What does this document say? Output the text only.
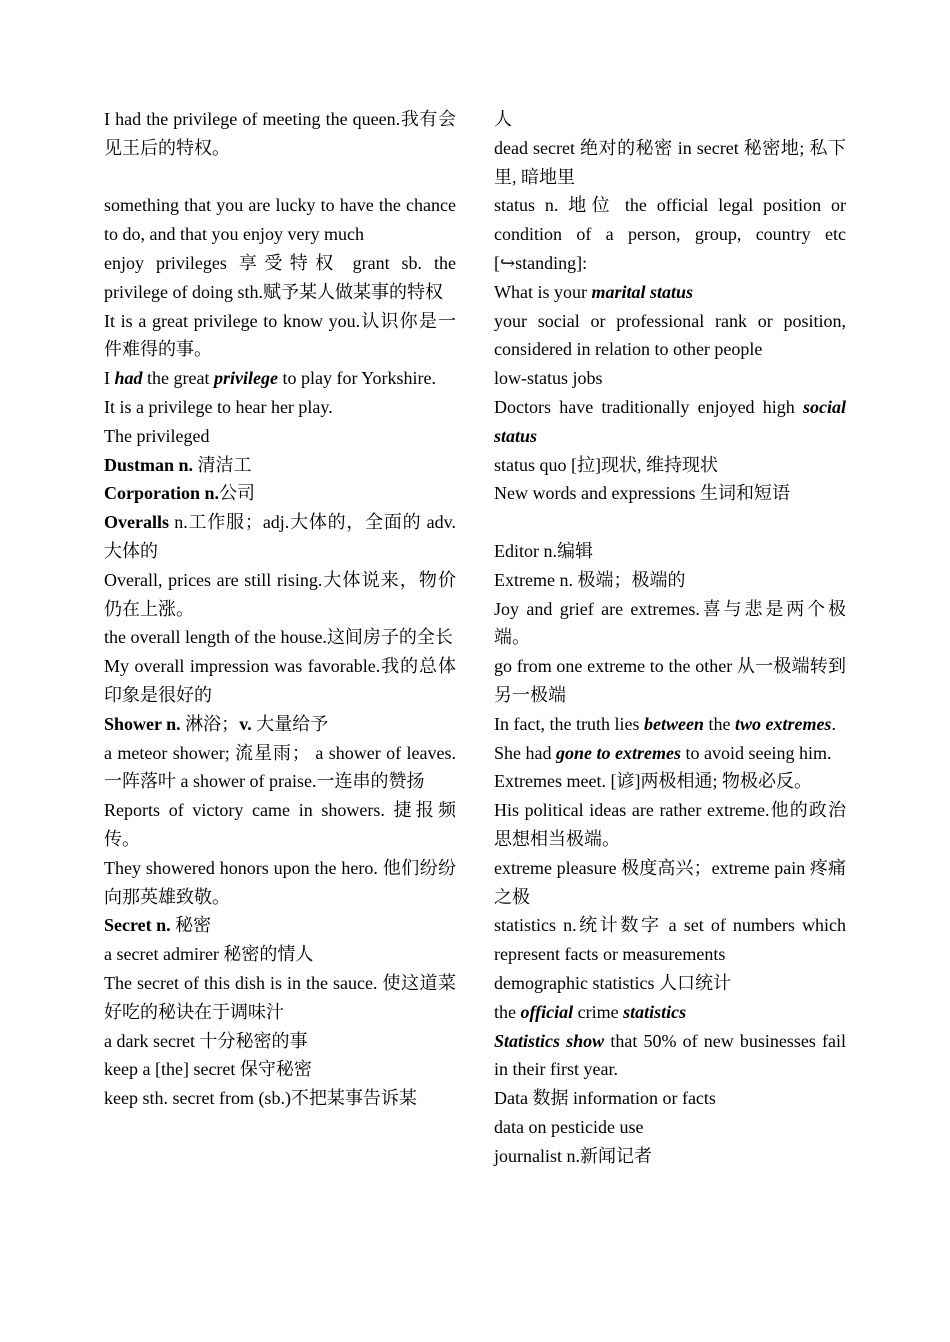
I had the privilege of meeting the queen.我有会见王后的特权。
something that you are lucky to have the chance to do, and that you enjoy very much
enjoy privileges 享受特权 grant sb. the privilege of doing sth.赋予某人做某事的特权
It is a great privilege to know you.认识你是一件难得的事。
I had the great privilege to play for Yorkshire.
It is a privilege to hear her play.
The privileged
Dustman n. 清洁工
Corporation n.公司
Overalls n.工作服；adj.大体的，全面的 adv.大体的
Overall, prices are still rising.大体说来，物价仍在上涨。
the overall length of the house.这间房子的全长
My overall impression was favorable.我的总体印象是很好的
Shower n. 淋浴；v. 大量给予
a meteor shower; 流星雨； a shower of leaves. 一阵落叶 a shower of praise.一连串的赞扬
Reports of victory came in showers. 捷报频传。
They showered honors upon the hero. 他们纷纷向那英雄致敬。
Secret n. 秘密
a secret admirer 秘密的情人
The secret of this dish is in the sauce. 使这道菜好吃的秘诀在于调味汁
a dark secret 十分秘密的事
keep a [the] secret 保守秘密
keep sth. secret from (sb.)不把某事告诉某
人
dead secret 绝对的秘密 in secret 秘密地; 私下里, 暗地里
status n. 地位 the official legal position or condition of a person, group, country etc [↪standing]:
What is your marital status
your social or professional rank or position, considered in relation to other people
low-status jobs
Doctors have traditionally enjoyed high social status
status quo [拉]现状, 维持现状
New words and expressions 生词和短语
Editor n.编辑
Extreme n. 极端；极端的
Joy and grief are extremes.喜与悲是两个极端。
go from one extreme to the other 从一极端转到另一极端
In fact, the truth lies between the two extremes.
She had gone to extremes to avoid seeing him.
Extremes meet. [谚]两极相通; 物极必反。
His political ideas are rather extreme.他的政治思想相当极端。
extreme pleasure 极度高兴；extreme pain 疼痛之极
statistics n.统计数字 a set of numbers which represent facts or measurements
demographic statistics 人口统计
the official crime statistics
Statistics show that 50% of new businesses fail in their first year.
Data 数据 information or facts
data on pesticide use
journalist n.新闻记者
